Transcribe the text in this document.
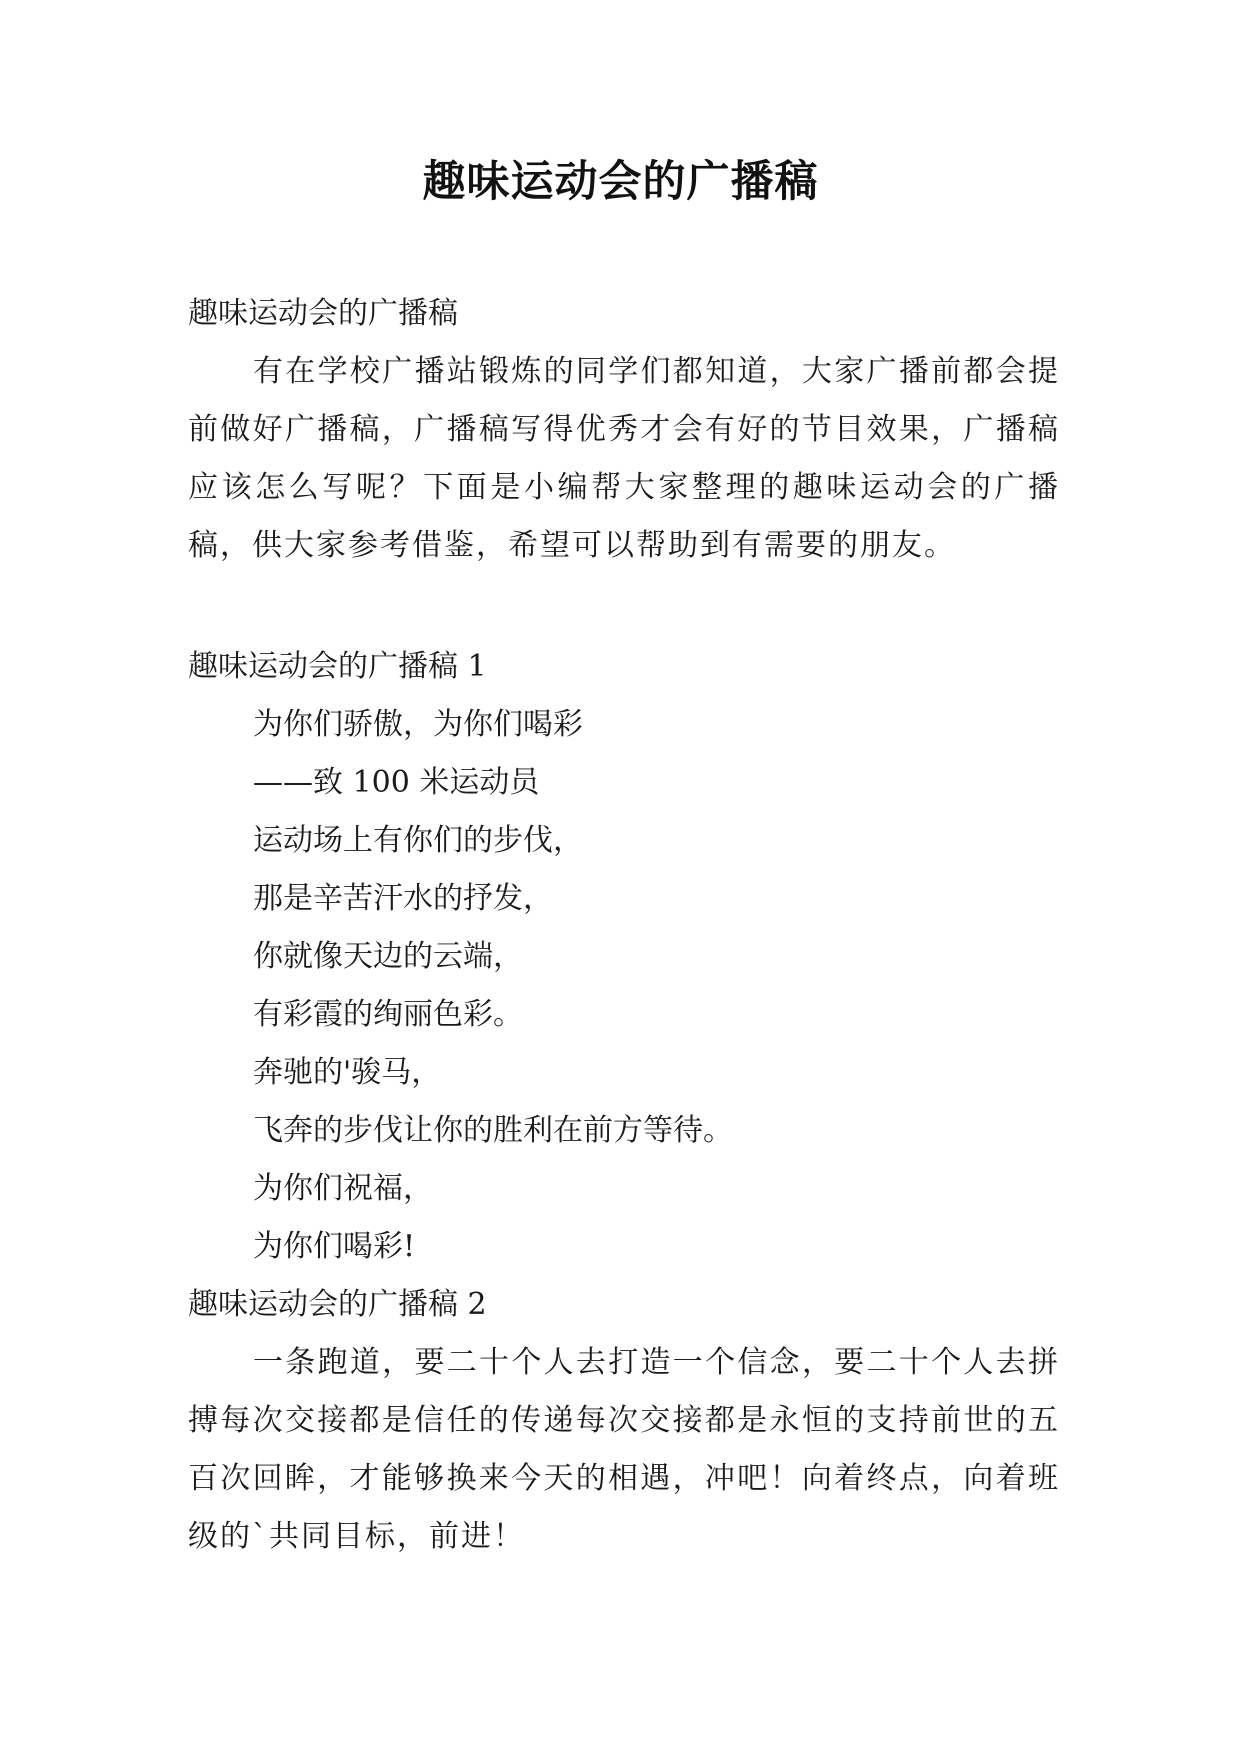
趣味运动会的广播稿
趣味运动会的广播稿
有在学校广播站锻炼的同学们都知道，大家广播前都会提前做好广播稿，广播稿写得优秀才会有好的节目效果，广播稿应该怎么写呢？下面是小编帮大家整理的趣味运动会的广播稿，供大家参考借鉴，希望可以帮助到有需要的朋友。
趣味运动会的广播稿 1
为你们骄傲，为你们喝彩
——致 100 米运动员
运动场上有你们的步伐，
那是辛苦汗水的抒发，
你就像天边的云端，
有彩霞的绚丽色彩。
奔驰的'骏马，
飞奔的步伐让你的胜利在前方等待。
为你们祝福，
为你们喝彩!
趣味运动会的广播稿 2
一条跑道，要二十个人去打造一个信念，要二十个人去拼搏每次交接都是信任的传递每次交接都是永恒的支持前世的五百次回眸，才能够换来今天的相遇，冲吧！向着终点，向着班级的`共同目标，前进！
